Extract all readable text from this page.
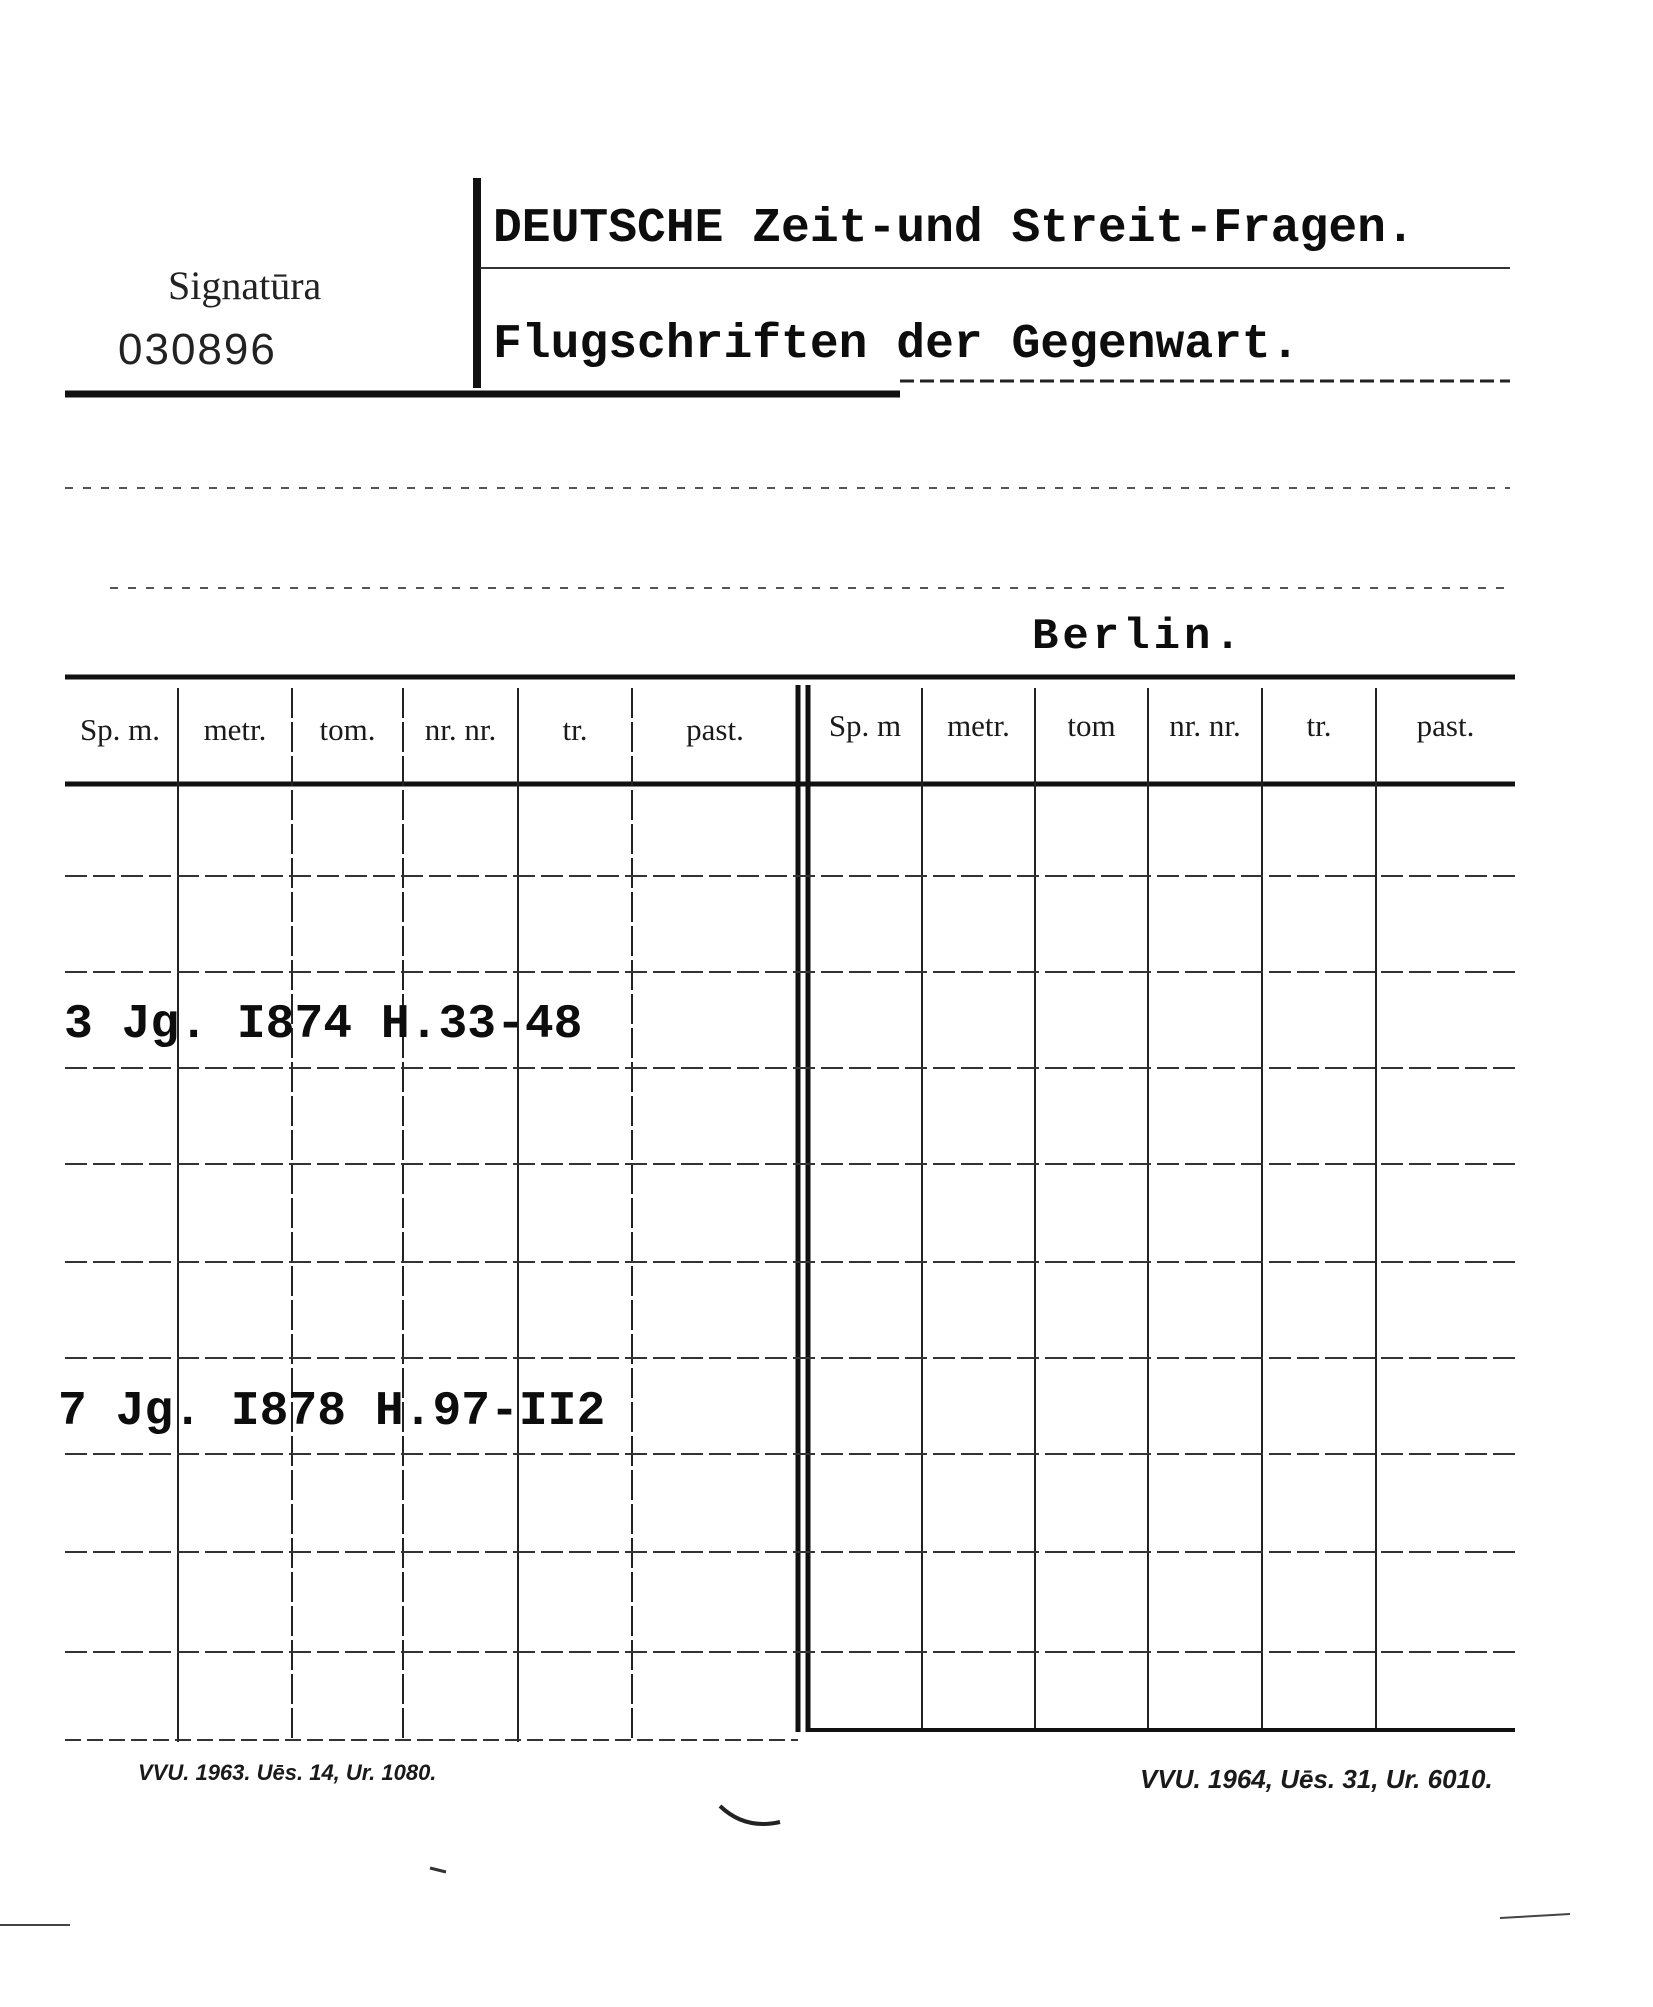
Signatūra
030896
DEUTSCHE Zeit-und Streit-Fragen.
Flugschriften der Gegenwart.
Berlin.
Sp. m.	metr.	tom.	nr. nr.	tr.	past.	Sp. m	metr.	tom	nr. nr.	tr.	past.
3 Jg. I874 H.33-48
7 Jg. I878 H.97-II2
VVU. 1963. Uēs. 14, Ur. 1080.	VVU. 1964, Uēs. 31, Ur. 6010.
